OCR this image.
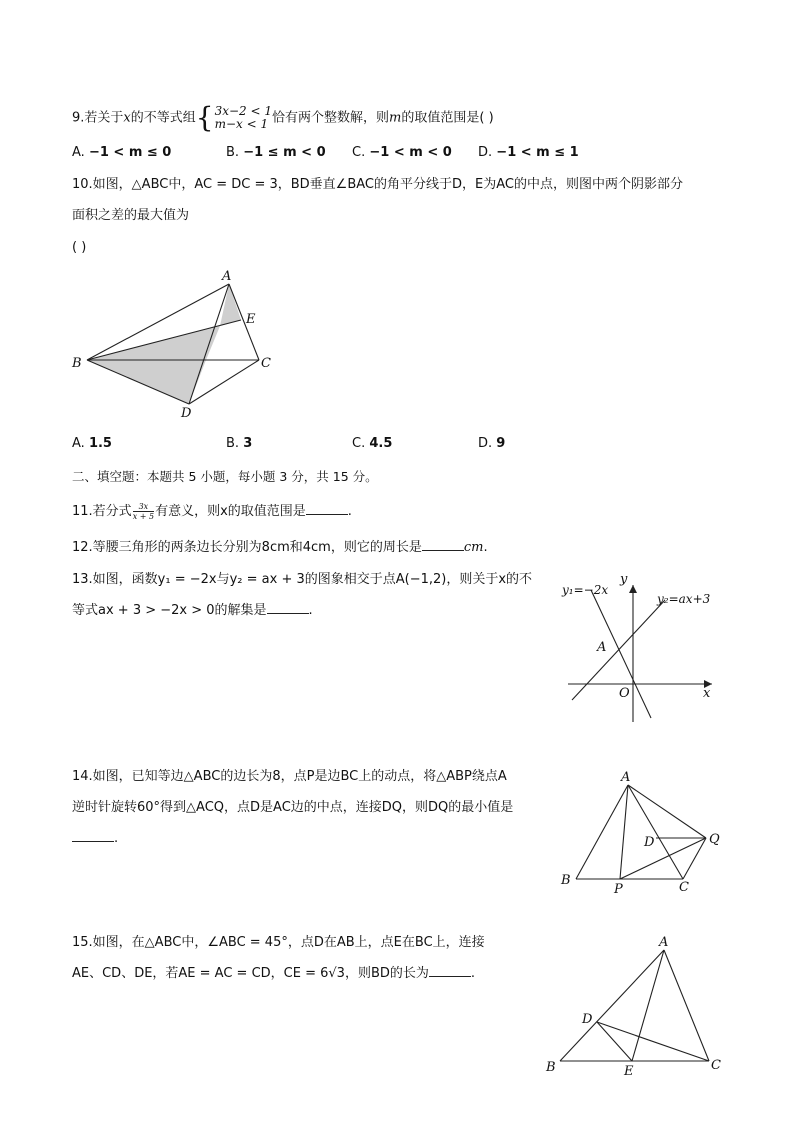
9.若关于x的不等式组 { 3x−2 < 1
m−x < 1 恰有两个整数解，则m的取值范围是( )
A. −1 < m ≤ 0	B. −1 ≤ m < 0 C. −1 < m < 0 D. −1 < m ≤ 1
10.如图，△ABC中，AC = DC = 3，BD垂直∠BAC的角平分线于D，E为AC的中点，则图中两个阴影部分
面积之差的最大值为
( )
A
E
B	C
D
y₁=−2x
y₂=ax+3
y
x
O
A
A
D	Q
B
P	C
A
D
B	E	C
A. 1.5	B. 3	C. 4.5	D. 9
二、填空题：本题共 5 小题，每小题 3 分，共 15 分。
11.若分式 $\frac{3x}{x + 5}$ 有意义，则x的取值范围是	.
12.等腰三角形的两条边长分别为8cm和4cm，则它的周长是	cm.
13.如图，函数y₁ = −2x与y₂ = ax + 3的图象相交于点A(−1,2)，则关于x的不
等式ax + 3 > −2x > 0的解集是	.
14.如图，已知等边△ABC的边长为8，点P是边BC上的动点，将△ABP绕点A
逆时针旋转60°得到△ACQ，点D是AC边的中点，连接DQ，则DQ的最小值是
.
15.如图，在△ABC中，∠ABC = 45°，点D在AB上，点E在BC上，连接
AE、CD、DE，若AE = AC = CD，CE = 6√3，则BD的长为	.
